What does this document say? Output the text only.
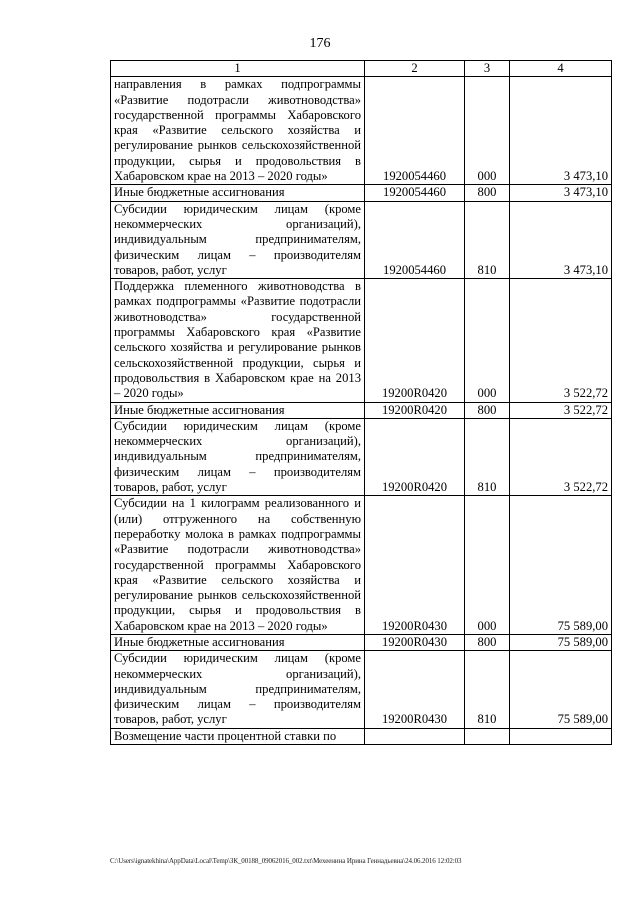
176
1	2	3	4
направления в рамках подпрограммы «Развитие подотрасли животноводства» государственной программы Хабаровского края «Развитие сельского хозяйства и регулирование рынков сельскохозяйственной продукции, сырья и продовольствия в Хабаровском крае на 2013 – 2020 годы»	1920054460	000	3 473,10
Иные бюджетные ассигнования	1920054460	800	3 473,10
Субсидии юридическим лицам (кроме некоммерческих организаций), индивидуальным предпринимателям, физическим лицам – производителям товаров, работ, услуг	1920054460	810	3 473,10
Поддержка племенного животноводства в рамках подпрограммы «Развитие подотрасли животноводства» государственной программы Хабаровского края «Развитие сельского хозяйства и регулирование рынков сельскохозяйственной продукции, сырья и продовольствия в Хабаровском крае на 2013 – 2020 годы»	19200R0420	000	3 522,72
Иные бюджетные ассигнования	19200R0420	800	3 522,72
Субсидии юридическим лицам (кроме некоммерческих организаций), индивидуальным предпринимателям, физическим лицам – производителям товаров, работ, услуг	19200R0420	810	3 522,72
Субсидии на 1 килограмм реализованного и (или) отгруженного на собственную переработку молока в рамках подпрограммы «Развитие подотрасли животноводства» государственной программы Хабаровского края «Развитие сельского хозяйства и регулирование рынков сельскохозяйственной продукции, сырья и продовольствия в Хабаровском крае на 2013 – 2020 годы»	19200R0430	000	75 589,00
Иные бюджетные ассигнования	19200R0430	800	75 589,00
Субсидии юридическим лицам (кроме некоммерческих организаций), индивидуальным предпринимателям, физическим лицам – производителям товаров, работ, услуг	19200R0430	810	75 589,00
Возмещение части процентной ставки по			
C:\Users\ignatekhina\AppData\Local\Temp\ЗК_00188_09062016_002.txt\Мехеенина Ирина Геннадьевна\24.06.2016 12:02:03
